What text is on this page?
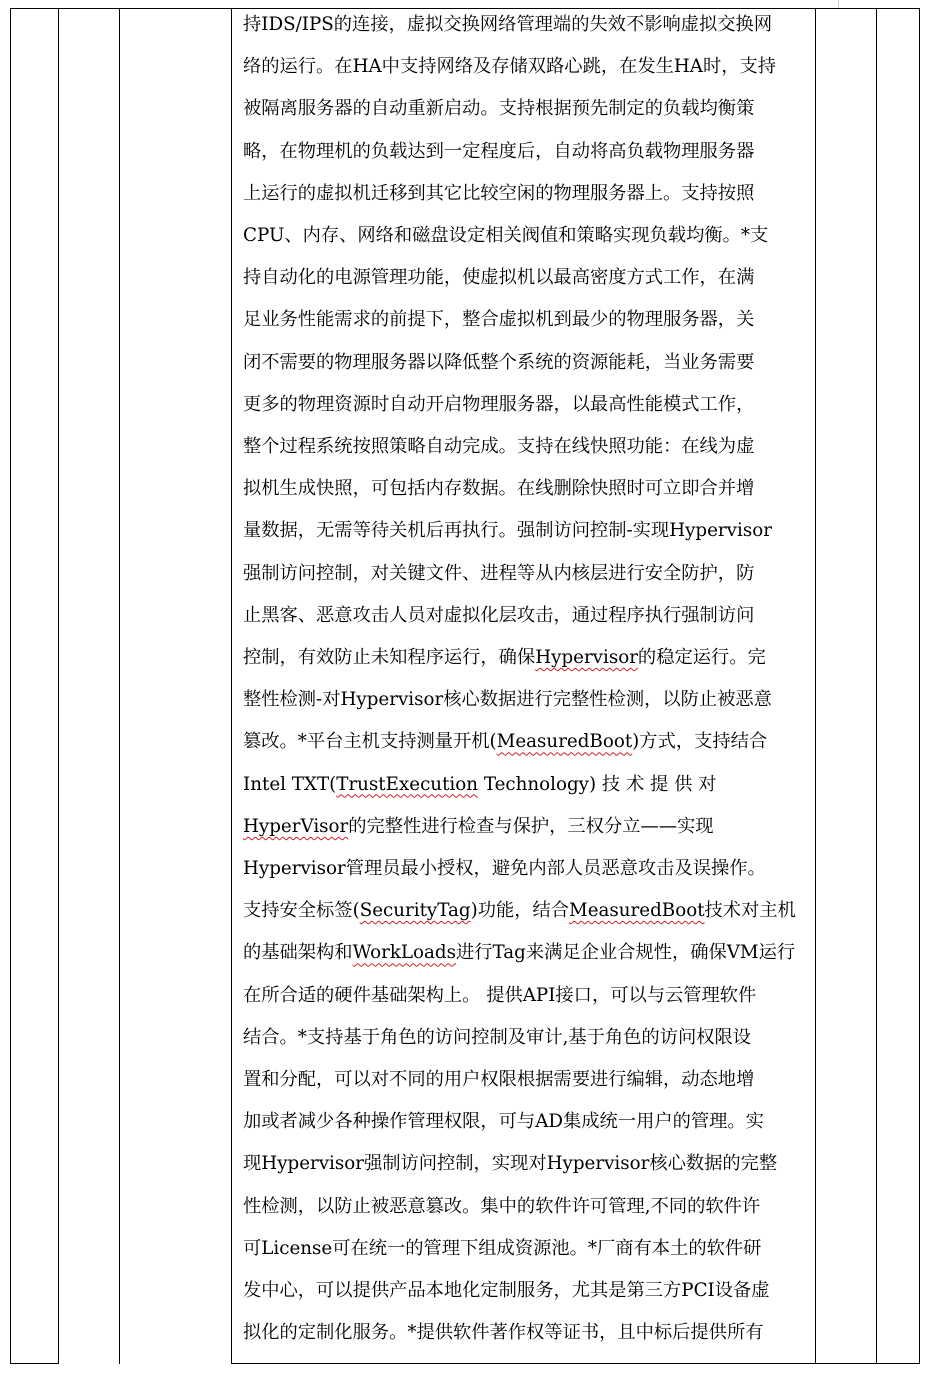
持IDS/IPS的连接，虚拟交换网络管理端的失效不影响虚拟交换网
络的运行。在HA中支持网络及存储双路心跳，在发生HA时，支持
被隔离服务器的自动重新启动。支持根据预先制定的负载均衡策
略，在物理机的负载达到一定程度后，自动将高负载物理服务器
上运行的虚拟机迁移到其它比较空闲的物理服务器上。支持按照
CPU、内存、网络和磁盘设定相关阀值和策略实现负载均衡。*支
持自动化的电源管理功能，使虚拟机以最高密度方式工作，在满
足业务性能需求的前提下，整合虚拟机到最少的物理服务器，关
闭不需要的物理服务器以降低整个系统的资源能耗，当业务需要
更多的物理资源时自动开启物理服务器，以最高性能模式工作，
整个过程系统按照策略自动完成。支持在线快照功能：在线为虚
拟机生成快照，可包括内存数据。在线删除快照时可立即合并增
量数据，无需等待关机后再执行。强制访问控制-实现Hypervisor
强制访问控制，对关键文件、进程等从内核层进行安全防护，防
止黑客、恶意攻击人员对虚拟化层攻击，通过程序执行强制访问
控制，有效防止未知程序运行，确保Hypervisor的稳定运行。完
整性检测-对Hypervisor核心数据进行完整性检测，以防止被恶意
篡改。*平台主机支持测量开机(MeasuredBoot)方式，支持结合
Intel TXT(TrustExecution Technology) 技 术 提 供 对
HyperVisor的完整性进行检查与保护，三权分立——实现
Hypervisor管理员最小授权，避免内部人员恶意攻击及误操作。
支持安全标签(SecurityTag)功能，结合MeasuredBoot技术对主机
的基础架构和WorkLoads进行Tag来满足企业合规性，确保VM运行
在所合适的硬件基础架构上。 提供API接口，可以与云管理软件
结合。*支持基于角色的访问控制及审计,基于角色的访问权限设
置和分配，可以对不同的用户权限根据需要进行编辑，动态地增
加或者减少各种操作管理权限，可与AD集成统一用户的管理。实
现Hypervisor强制访问控制，实现对Hypervisor核心数据的完整
性检测，以防止被恶意篡改。集中的软件许可管理,不同的软件许
可License可在统一的管理下组成资源池。*厂商有本土的软件研
发中心，可以提供产品本地化定制服务，尤其是第三方PCI设备虚
拟化的定制化服务。*提供软件著作权等证书，且中标后提供所有
